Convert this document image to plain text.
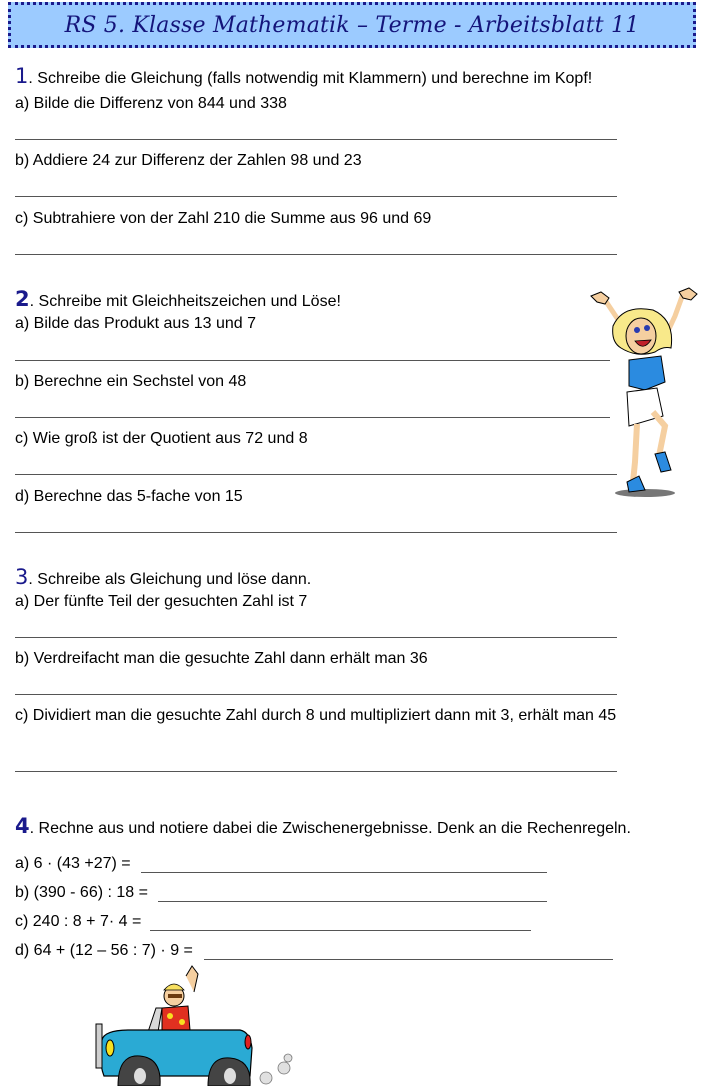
RS 5. Klasse Mathematik – Terme - Arbeitsblatt 11
1. Schreibe die Gleichung (falls notwendig mit Klammern) und berechne im Kopf!
a) Bilde die Differenz von 844 und 338
b) Addiere 24 zur Differenz der Zahlen 98 und 23
c) Subtrahiere von der Zahl 210 die Summe aus 96 und 69
2. Schreibe mit Gleichheitszeichen und Löse!
a) Bilde das Produkt aus 13 und 7
b) Berechne ein Sechstel von 48
c) Wie groß ist der Quotient aus 72 und 8
d) Berechne das 5-fache von 15
3. Schreibe als Gleichung und löse dann.
a) Der fünfte Teil der gesuchten Zahl ist 7
b) Verdreifacht man die gesuchte Zahl dann erhält man 36
c) Dividiert man die gesuchte Zahl durch 8 und multipliziert dann mit 3, erhält man 45
4. Rechne aus und notiere dabei die Zwischenergebnisse. Denk an die Rechenregeln.
a) 6 · (43 +27) =
b) (390 - 66) : 18 =
c) 240 : 8 + 7· 4 =
d) 64 + (12 – 56 : 7) · 9 =
